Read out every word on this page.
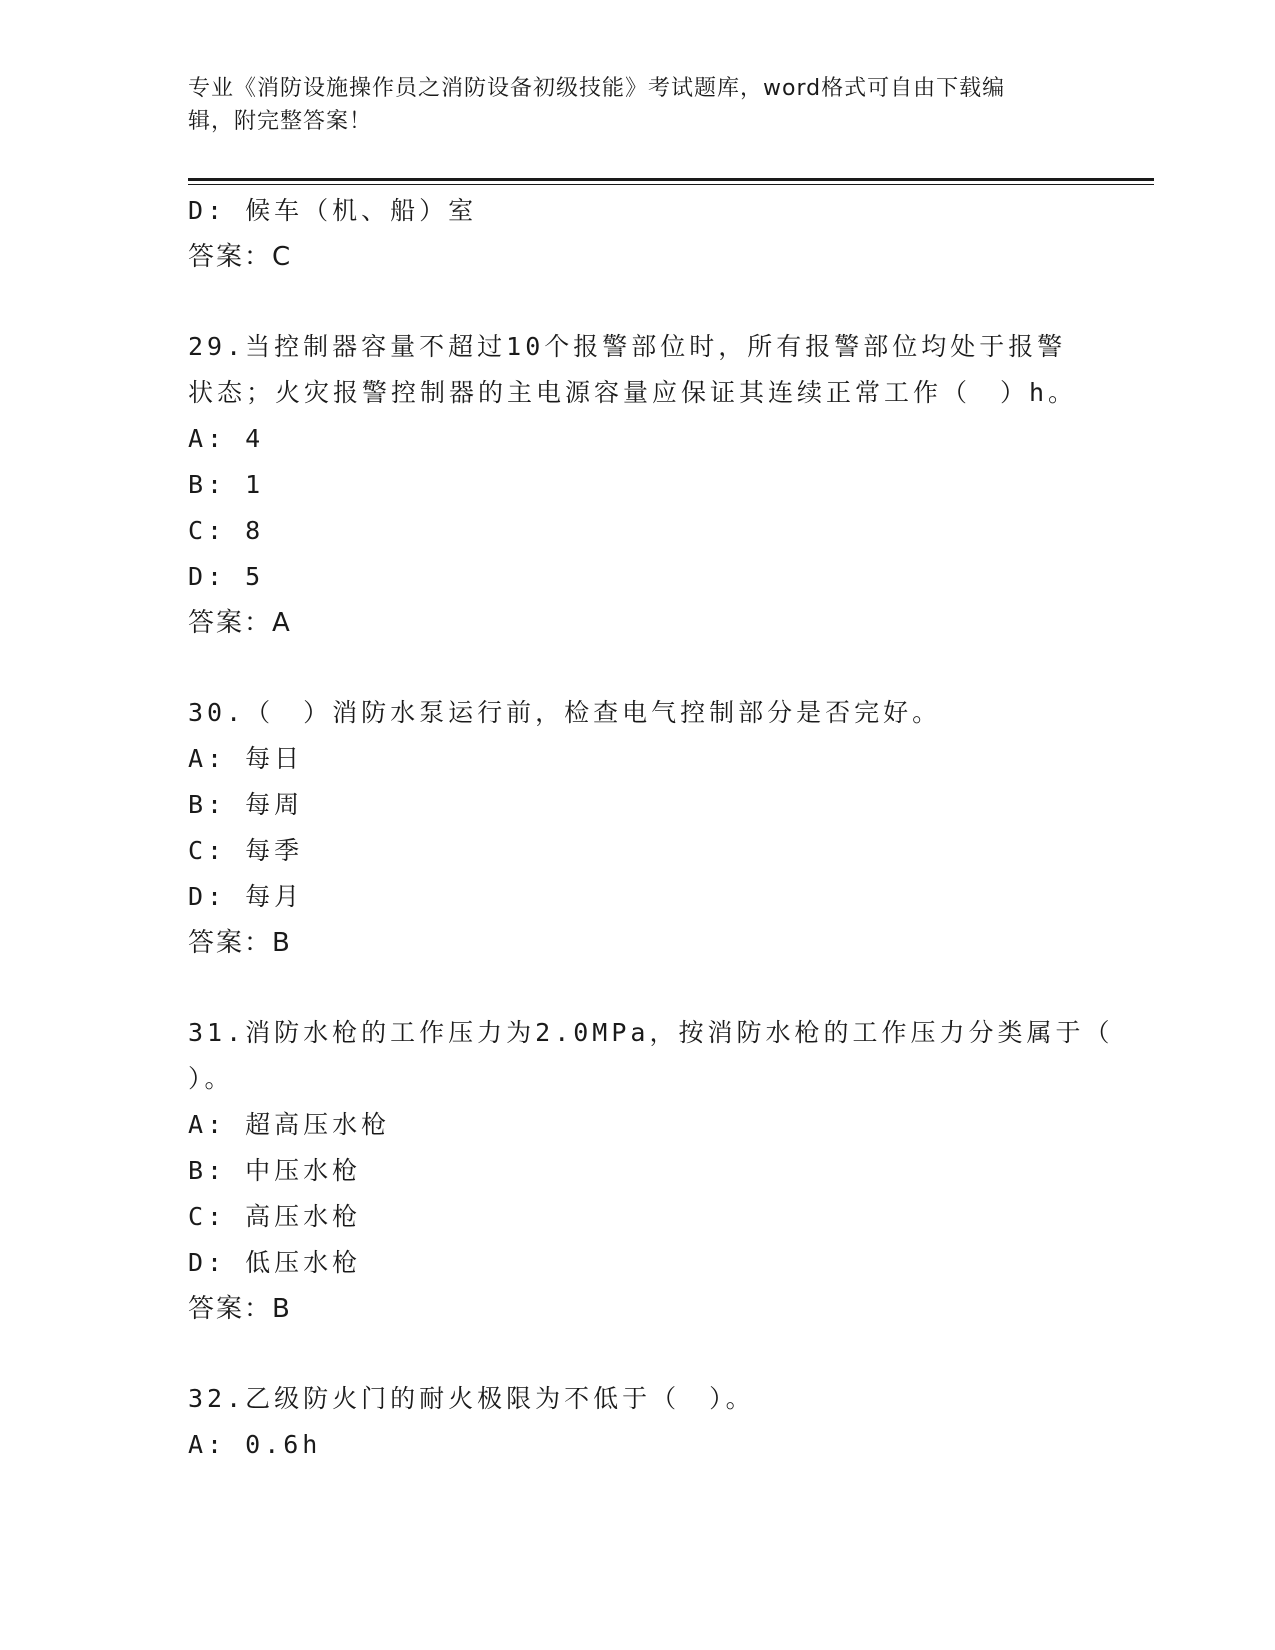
专业《消防设施操作员之消防设备初级技能》考试题库，word格式可自由下载编
辑，附完整答案！
D: 候车（机、船）室
答案：C
29.当控制器容量不超过10个报警部位时，所有报警部位均处于报警
状态；火灾报警控制器的主电源容量应保证其连续正常工作（　）h。
A: 4
B: 1
C: 8
D: 5
答案：A
30.（　）消防水泵运行前，检查电气控制部分是否完好。
A: 每日
B: 每周
C: 每季
D: 每月
答案：B
31.消防水枪的工作压力为2.0MPa，按消防水枪的工作压力分类属于（
）。
A: 超高压水枪
B: 中压水枪
C: 高压水枪
D: 低压水枪
答案：B
32.乙级防火门的耐火极限为不低于（　）。
A: 0.6h
